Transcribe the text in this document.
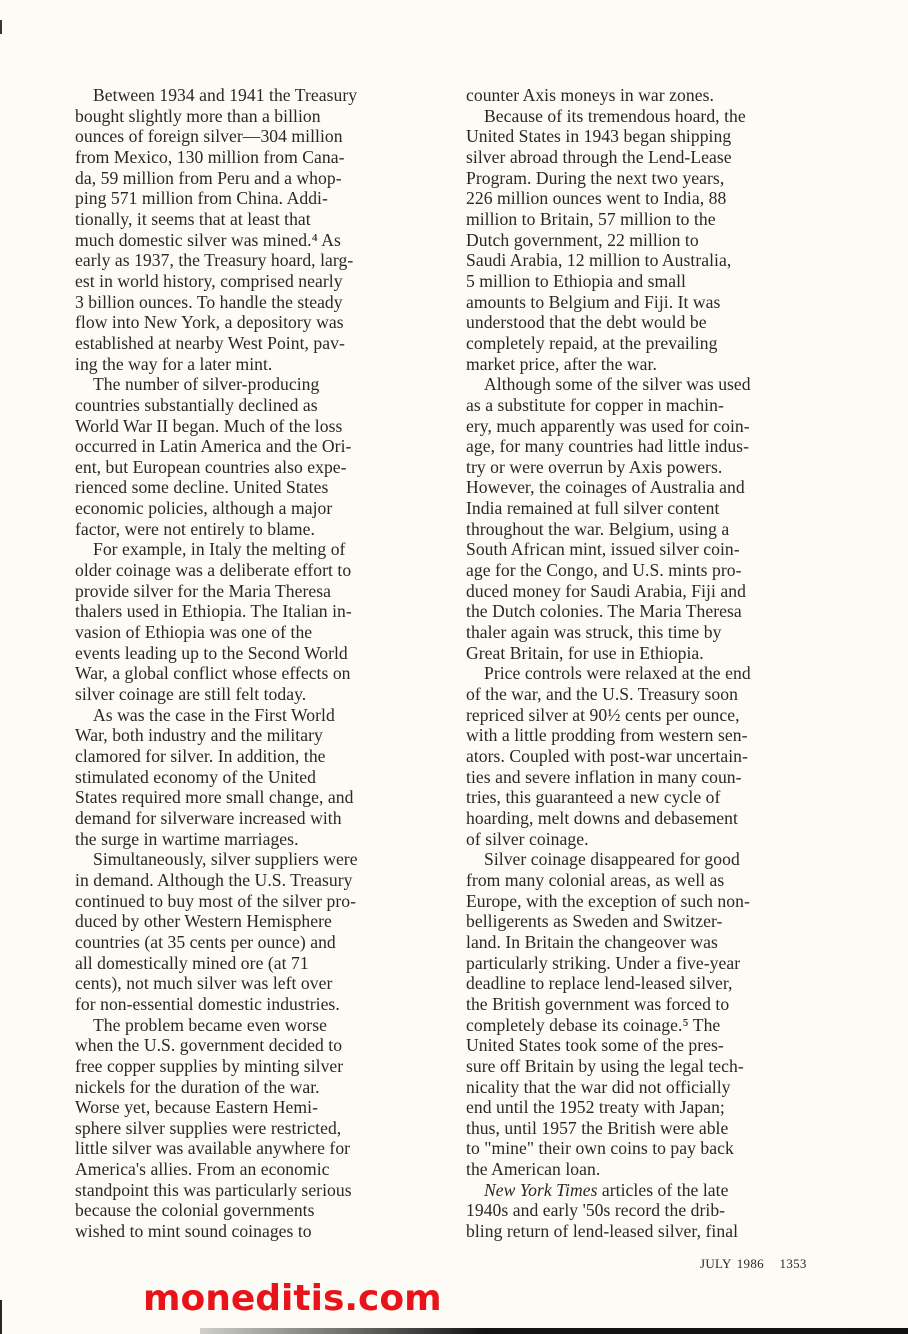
Between 1934 and 1941 the Treasury
bought slightly more than a billion
ounces of foreign silver—304 million
from Mexico, 130 million from Cana-
da, 59 million from Peru and a whop-
ping 571 million from China. Addi-
tionally, it seems that at least that
much domestic silver was mined.⁴ As
early as 1937, the Treasury hoard, larg-
est in world history, comprised nearly
3 billion ounces. To handle the steady
flow into New York, a depository was
established at nearby West Point, pav-
ing the way for a later mint.
The number of silver-producing
countries substantially declined as
World War II began. Much of the loss
occurred in Latin America and the Ori-
ent, but European countries also expe-
rienced some decline. United States
economic policies, although a major
factor, were not entirely to blame.
For example, in Italy the melting of
older coinage was a deliberate effort to
provide silver for the Maria Theresa
thalers used in Ethiopia. The Italian in-
vasion of Ethiopia was one of the
events leading up to the Second World
War, a global conflict whose effects on
silver coinage are still felt today.
As was the case in the First World
War, both industry and the military
clamored for silver. In addition, the
stimulated economy of the United
States required more small change, and
demand for silverware increased with
the surge in wartime marriages.
Simultaneously, silver suppliers were
in demand. Although the U.S. Treasury
continued to buy most of the silver pro-
duced by other Western Hemisphere
countries (at 35 cents per ounce) and
all domestically mined ore (at 71
cents), not much silver was left over
for non-essential domestic industries.
The problem became even worse
when the U.S. government decided to
free copper supplies by minting silver
nickels for the duration of the war.
Worse yet, because Eastern Hemi-
sphere silver supplies were restricted,
little silver was available anywhere for
America's allies. From an economic
standpoint this was particularly serious
because the colonial governments
wished to mint sound coinages to
counter Axis moneys in war zones.
Because of its tremendous hoard, the
United States in 1943 began shipping
silver abroad through the Lend-Lease
Program. During the next two years,
226 million ounces went to India, 88
million to Britain, 57 million to the
Dutch government, 22 million to
Saudi Arabia, 12 million to Australia,
5 million to Ethiopia and small
amounts to Belgium and Fiji. It was
understood that the debt would be
completely repaid, at the prevailing
market price, after the war.
Although some of the silver was used
as a substitute for copper in machin-
ery, much apparently was used for coin-
age, for many countries had little indus-
try or were overrun by Axis powers.
However, the coinages of Australia and
India remained at full silver content
throughout the war. Belgium, using a
South African mint, issued silver coin-
age for the Congo, and U.S. mints pro-
duced money for Saudi Arabia, Fiji and
the Dutch colonies. The Maria Theresa
thaler again was struck, this time by
Great Britain, for use in Ethiopia.
Price controls were relaxed at the end
of the war, and the U.S. Treasury soon
repriced silver at 90½ cents per ounce,
with a little prodding from western sen-
ators. Coupled with post-war uncertain-
ties and severe inflation in many coun-
tries, this guaranteed a new cycle of
hoarding, melt downs and debasement
of silver coinage.
Silver coinage disappeared for good
from many colonial areas, as well as
Europe, with the exception of such non-
belligerents as Sweden and Switzer-
land. In Britain the changeover was
particularly striking. Under a five-year
deadline to replace lend-leased silver,
the British government was forced to
completely debase its coinage.⁵ The
United States took some of the pres-
sure off Britain by using the legal tech-
nicality that the war did not officially
end until the 1952 treaty with Japan;
thus, until 1957 the British were able
to "mine" their own coins to pay back
the American loan.
New York Times articles of the late
1940s and early '50s record the drib-
bling return of lend-leased silver, final
JULY 1986 1353
moneditis.com
